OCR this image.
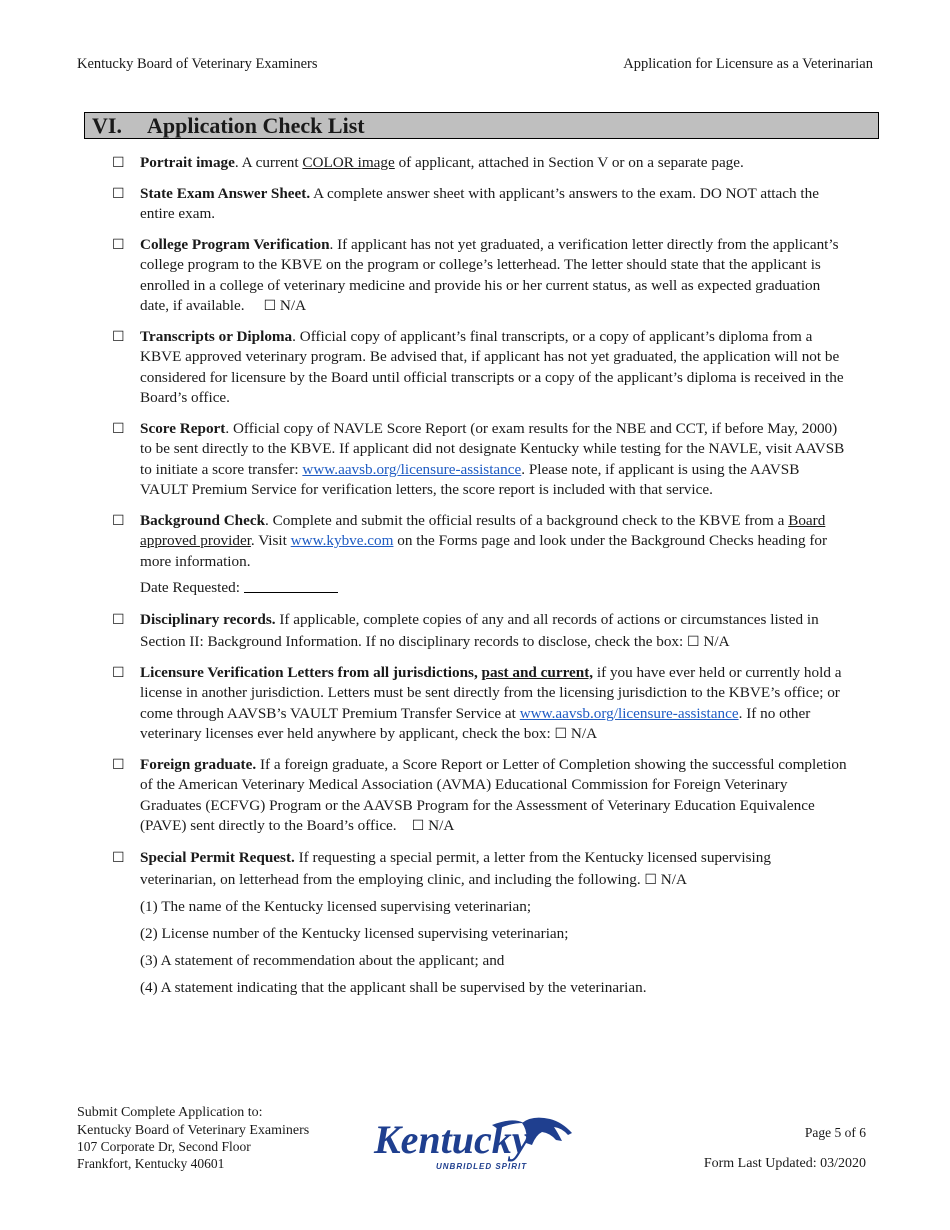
Kentucky Board of Veterinary Examiners	Application for Licensure as a Veterinarian
VI. Application Check List
☐ Portrait image. A current COLOR image of applicant, attached in Section V or on a separate page.
☐ State Exam Answer Sheet. A complete answer sheet with applicant’s answers to the exam. DO NOT attach the entire exam.
☐ College Program Verification. If applicant has not yet graduated, a verification letter directly from the applicant’s college program to the KBVE on the program or college’s letterhead. The letter should state that the applicant is enrolled in a college of veterinary medicine and provide his or her current status, as well as expected graduation date, if available. ☐ N/A
☐ Transcripts or Diploma. Official copy of applicant’s final transcripts, or a copy of applicant’s diploma from a KBVE approved veterinary program. Be advised that, if applicant has not yet graduated, the application will not be considered for licensure by the Board until official transcripts or a copy of the applicant’s diploma is received in the Board’s office.
☐ Score Report. Official copy of NAVLE Score Report (or exam results for the NBE and CCT, if before May, 2000) to be sent directly to the KBVE. If applicant did not designate Kentucky while testing for the NAVLE, visit AAVSB to initiate a score transfer: www.aavsb.org/licensure-assistance. Please note, if applicant is using the AAVSB VAULT Premium Service for verification letters, the score report is included with that service.
☐ Background Check. Complete and submit the official results of a background check to the KBVE from a Board approved provider. Visit www.kybve.com on the Forms page and look under the Background Checks heading for more information.
Date Requested:
☐ Disciplinary records. If applicable, complete copies of any and all records of actions or circumstances listed in Section II: Background Information. If no disciplinary records to disclose, check the box: ☐ N/A
☐ Licensure Verification Letters from all jurisdictions, past and current, if you have ever held or currently hold a license in another jurisdiction. Letters must be sent directly from the licensing jurisdiction to the KBVE’s office; or come through AAVSB’s VAULT Premium Transfer Service at www.aavsb.org/licensure-assistance. If no other veterinary licenses ever held anywhere by applicant, check the box: ☐ N/A
☐ Foreign graduate. If a foreign graduate, a Score Report or Letter of Completion showing the successful completion of the American Veterinary Medical Association (AVMA) Educational Commission for Foreign Veterinary Graduates (ECFVG) Program or the AAVSB Program for the Assessment of Veterinary Education Equivalence (PAVE) sent directly to the Board’s office. ☐ N/A
☐ Special Permit Request. If requesting a special permit, a letter from the Kentucky licensed supervising veterinarian, on letterhead from the employing clinic, and including the following. ☐ N/A
(1) The name of the Kentucky licensed supervising veterinarian;
(2) License number of the Kentucky licensed supervising veterinarian;
(3) A statement of recommendation about the applicant; and
(4) A statement indicating that the applicant shall be supervised by the veterinarian.
Submit Complete Application to:
Kentucky Board of Veterinary Examiners
107 Corporate Dr, Second Floor
Frankfort, Kentucky 40601
Kentucky
UNBRIDLED SPIRIT
Page 5 of 6
Form Last Updated: 03/2020
